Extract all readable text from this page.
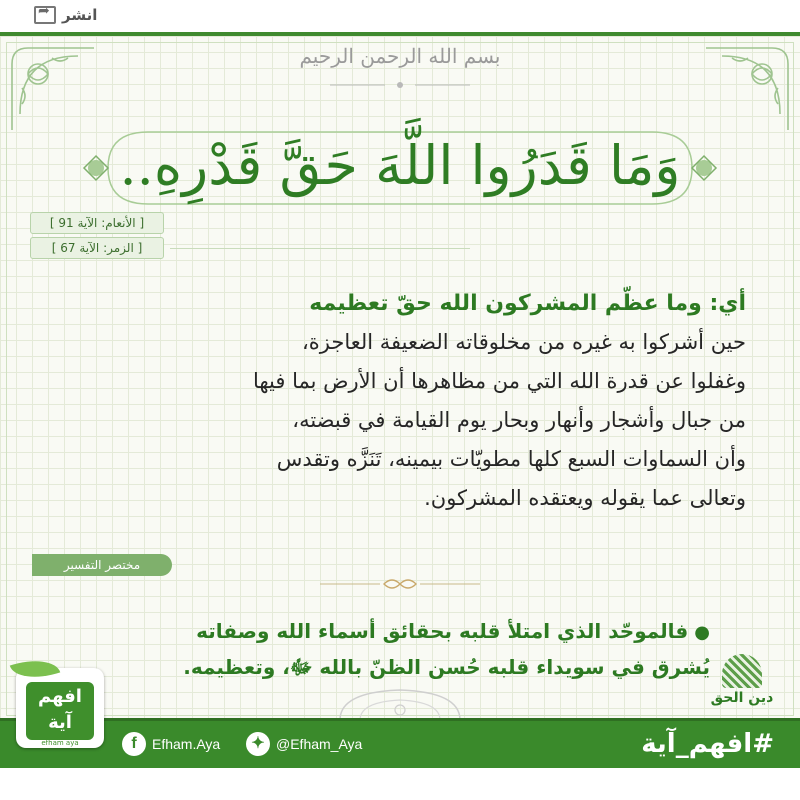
انشر
➦
بسم الله الرحمن الرحيم
وَمَا قَدَرُوا اللَّهَ حَقَّ قَدْرِهِ..
[ الأنعام: الآية 91 ]
[ الزمر: الآية 67 ]
أي: وما عظّم المشركون الله حقّ تعظيمه
حين أشركوا به غيره من مخلوقاته الضعيفة العاجزة،
وغفلوا عن قدرة الله التي من مظاهرها أن الأرض بما فيها
من جبال وأشجار وأنهار وبحار يوم القيامة في قبضته،
وأن السماوات السبع كلها مطويّات بيمينه، تَنَزَّه وتقدس
وتعالى عما يقوله ويعتقده المشركون.
مختصر التفسير
●فالموحّد الذي امتلأ قلبه بحقائق أسماء الله وصفاته
يُشرق في سويداء قلبه حُسن الظنّ بالله ﷻ، وتعظيمه.
دين الحق
f	Efham.Aya	✦ @Efham_Aya	#افهم_آية
افهم
آية
efham aya
